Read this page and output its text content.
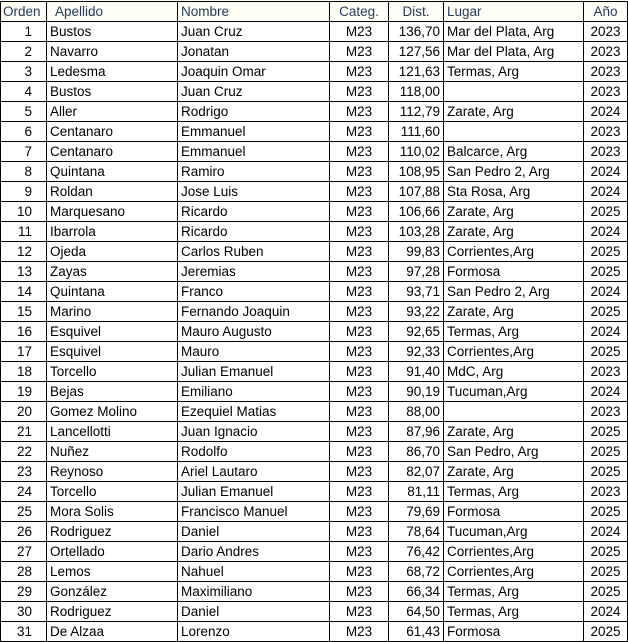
Orden	Apellido	Nombre	Categ.	Dist.	Lugar	Año
1	Bustos	Juan Cruz	M23	136,70	Mar del Plata, Arg	2023
2	Navarro	Jonatan	M23	127,56	Mar del Plata, Arg	2023
3	Ledesma	Joaquin Omar	M23	121,63	Termas, Arg	2023
4	Bustos	Juan Cruz	M23	118,00		2023
5	Aller	Rodrigo	M23	112,79	Zarate, Arg	2024
6	Centanaro	Emmanuel	M23	111,60		2023
7	Centanaro	Emmanuel	M23	110,02	Balcarce, Arg	2023
8	Quintana	Ramiro	M23	108,95	San Pedro 2, Arg	2024
9	Roldan	Jose Luis	M23	107,88	Sta Rosa, Arg	2024
10	Marquesano	Ricardo	M23	106,66	Zarate, Arg	2025
11	Ibarrola	Ricardo	M23	103,28	Zarate, Arg	2024
12	Ojeda	Carlos Ruben	M23	99,83	Corrientes,Arg	2025
13	Zayas	Jeremias	M23	97,28	Formosa	2025
14	Quintana	Franco	M23	93,71	San Pedro 2, Arg	2024
15	Marino	Fernando Joaquin	M23	93,22	Zarate, Arg	2025
16	Esquivel	Mauro Augusto	M23	92,65	Termas, Arg	2024
17	Esquivel	Mauro	M23	92,33	Corrientes,Arg	2025
18	Torcello	Julian Emanuel	M23	91,40	MdC, Arg	2023
19	Bejas	Emiliano	M23	90,19	Tucuman,Arg	2024
20	Gomez Molino	Ezequiel Matias	M23	88,00		2023
21	Lancellotti	Juan Ignacio	M23	87,96	Zarate, Arg	2025
22	Nuñez	Rodolfo	M23	86,70	San Pedro, Arg	2025
23	Reynoso	Ariel Lautaro	M23	82,07	Zarate, Arg	2025
24	Torcello	Julian Emanuel	M23	81,11	Termas, Arg	2023
25	Mora Solis	Francisco Manuel	M23	79,69	Formosa	2025
26	Rodriguez	Daniel	M23	78,64	Tucuman,Arg	2024
27	Ortellado	Dario Andres	M23	76,42	Corrientes,Arg	2025
28	Lemos	Nahuel	M23	68,72	Corrientes,Arg	2025
29	González	Maximiliano	M23	66,34	Termas, Arg	2025
30	Rodriguez	Daniel	M23	64,50	Termas, Arg	2024
31	De Alzaa	Lorenzo	M23	61,43	Formosa	2025
